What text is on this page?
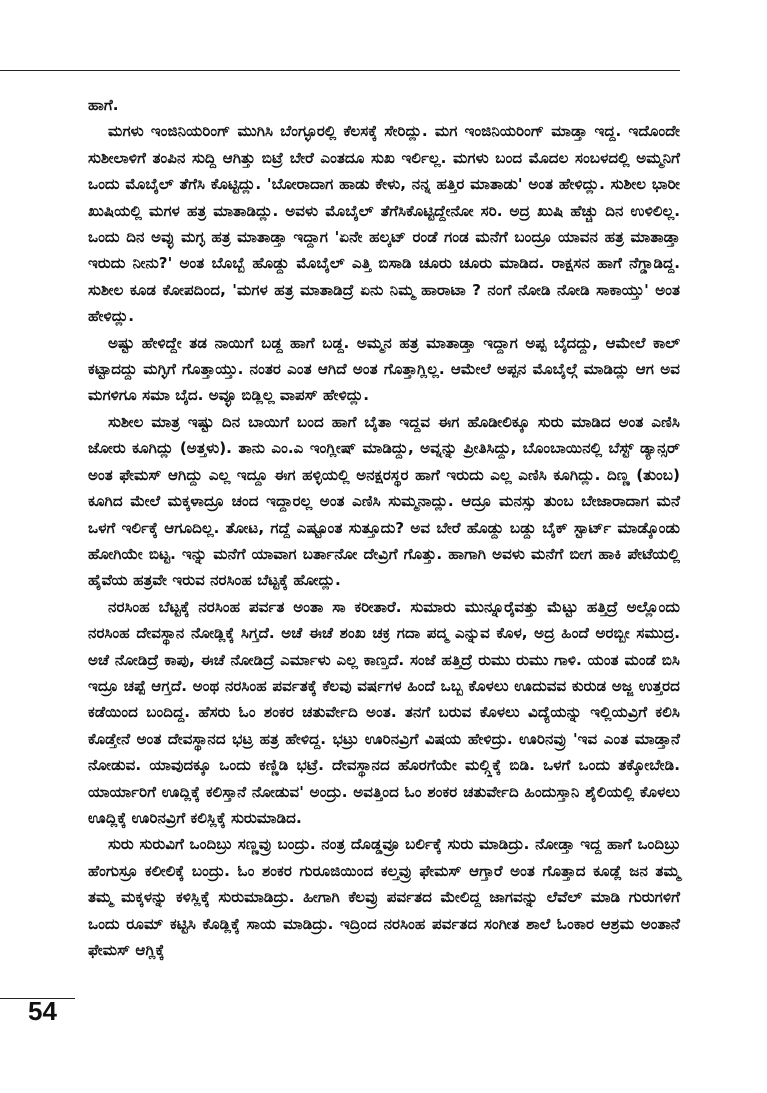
ಹಾಗೆ.

ಮಗಳು ಇಂಜಿನಿಯರಿಂಗ್ ಮುಗಿಸಿ ಬೆಂಗ್ಳೂರಲ್ಲಿ ಕೆಲಸಕ್ಕೆ ಸೇರಿದ್ಲು. ಮಗ ಇಂಜಿನಿಯರಿಂಗ್ ಮಾಡ್ತಾ ಇದ್ದ. ಇದೊಂದೇ ಸುಶೀಲಾಳಿಗೆ ತಂಪಿನ ಸುದ್ದಿ ಆಗಿತ್ತು ಬಿಟ್ರೆ ಬೇರೆ ಎಂತದೂ ಸುಖ ಇರ್ಲಿಲ್ಲ. ಮಗಳು ಬಂದ ಮೊದಲ ಸಂಬಳದಲ್ಲಿ ಅಮ್ಮನಿಗೆ ಒಂದು ಮೊಬೈಲ್ ತೆಗೆಸಿ ಕೊಟ್ಟಿದ್ಲು. 'ಬೋರಾದಾಗ ಹಾಡು ಕೇಳು, ನನ್ನ ಹತ್ತಿರ ಮಾತಾಡು' ಅಂತ ಹೇಳಿದ್ಲು. ಸುಶೀಲ ಭಾರೀ ಖುಷಿಯಲ್ಲಿ ಮಗಳ ಹತ್ರ ಮಾತಾಡಿದ್ಲು. ಅವಳು ಮೊಬೈಲ್ ತೆಗೆಸಿಕೊಟ್ಟಿದ್ದೇನೋ ಸರಿ. ಅದ್ರ ಖುಷಿ ಹೆಚ್ಚು ದಿನ ಉಳಿಲಿಲ್ಲ. ಒಂದು ದಿನ ಅವ್ಳು ಮಗ್ಳ ಹತ್ರ ಮಾತಾಡ್ತಾ ಇದ್ದಾಗ 'ಏನೇ ಹಲ್ಕಟ್ ರಂಡೆ ಗಂಡ ಮನೆಗೆ ಬಂದ್ರೂ ಯಾವನ ಹತ್ರ ಮಾತಾಡ್ತಾ ಇರುದು ನೀನು?' ಅಂತ ಬೊಬ್ಬೆ ಹೊಡ್ದು ಮೊಬೈಲ್ ಎತ್ತಿ ಬಿಸಾಡಿ ಚೂರು ಚೂರು ಮಾಡಿದ. ರಾಕ್ಷಸನ ಹಾಗೆ ನೆಗ್ಡಾಡಿದ್ದ. ಸುಶೀಲ ಕೂಡ ಕೋಪದಿಂದ, 'ಮಗಳ ಹತ್ರ ಮಾತಾಡಿದ್ರೆ ಏನು ನಿಮ್ಮ ಹಾರಾಟಾ ? ನಂಗೆ ನೋಡಿ ನೋಡಿ ಸಾಕಾಯ್ತು' ಅಂತ ಹೇಳಿದ್ಲು.

ಅಷ್ಟು ಹೇಳಿದ್ದೇ ತಡ ನಾಯಿಗೆ ಬಡ್ದ ಹಾಗೆ ಬಡ್ದ. ಅಮ್ಮನ ಹತ್ರ ಮಾತಾಡ್ತಾ ಇದ್ದಾಗ ಅಪ್ಪ ಬೈದದ್ದು, ಆಮೇಲೆ ಕಾಲ್ ಕಟ್ಟಾದದ್ದು ಮಗ್ಳಿಗೆ ಗೊತ್ತಾಯ್ತು. ನಂತರ ಎಂತ ಆಗಿದೆ ಅಂತ ಗೊತ್ತಾಗ್ಲಿಲ್ಲ. ಆಮೇಲೆ ಅಪ್ಪನ ಮೊಬೈಲ್ಗೆ ಮಾಡಿದ್ಲು ಆಗ ಅವ ಮಗಳಿಗೂ ಸಮಾ ಬೈದ. ಅವ್ಳೂ ಬಿಡ್ಲಿಲ್ಲ ವಾಪಸ್ ಹೇಳಿದ್ಲು.

ಸುಶೀಲ ಮಾತ್ರ ಇಷ್ಟು ದಿನ ಬಾಯಿಗೆ ಬಂದ ಹಾಗೆ ಬೈತಾ ಇದ್ದವ ಈಗ ಹೊಡೀಲಿಕ್ಕೂ ಸುರು ಮಾಡಿದ ಅಂತ ಎಣಿಸಿ ಜೋರು ಕೂಗಿದ್ಲು (ಅತ್ತಳು). ತಾನು ಎಂ.ಎ ಇಂಗ್ಲೀಷ್ ಮಾಡಿದ್ದು, ಅವ್ನನ್ನು ಪ್ರೀತಿಸಿದ್ದು, ಬೊಂಬಾಯಿನಲ್ಲಿ ಬೆಸ್ಟ್ ಡ್ಯಾನ್ಸರ್ ಅಂತ ಫೇಮಸ್ ಆಗಿದ್ದು ಎಲ್ಲ ಇದ್ದೂ ಈಗ ಹಳ್ಳಿಯಲ್ಲಿ ಅನಕ್ಷರಸ್ಥರ ಹಾಗೆ ಇರುದು ಎಲ್ಲ ಎಣಿಸಿ ಕೂಗಿದ್ಲು. ದಿಣ್ಣ (ತುಂಬ) ಕೂಗಿದ ಮೇಲೆ ಮಕ್ಕಳಾದ್ರೂ ಚಂದ ಇದ್ದಾರಲ್ಲ ಅಂತ ಎಣಿಸಿ ಸುಮ್ಮನಾದ್ಲು. ಆದ್ರೂ ಮನಸ್ಸು ತುಂಬ ಬೇಜಾರಾದಾಗ ಮನೆ ಒಳಗೆ ಇರ್ಲಿಕ್ಕೆ ಆಗೂದಿಲ್ಲ. ತೋಟ, ಗದ್ದೆ ಎಷ್ಟೂಂತ ಸುತ್ತೂದು? ಅವ ಬೇರೆ ಹೊಡ್ದು ಬಡ್ದು ಬೈಕ್ ಸ್ಟಾರ್ಟ್ ಮಾಡ್ಕೊಂಡು ಹೋಗಿಯೇ ಬಿಟ್ಟ. ಇನ್ನು ಮನೆಗೆ ಯಾವಾಗ ಬರ್ತಾನೋ ದೇವ್ರಿಗೆ ಗೊತ್ತು. ಹಾಗಾಗಿ ಅವಳು ಮನೆಗೆ ಬೀಗ ಹಾಕಿ ಪೇಟೆಯಲ್ಲಿ ಹೈವೆಯ ಹತ್ರವೇ ಇರುವ ನರಸಿಂಹ ಬೆಟ್ಟಕ್ಕೆ ಹೋದ್ಲು.

ನರಸಿಂಹ ಬೆಟ್ಟಕ್ಕೆ ನರಸಿಂಹ ಪರ್ವತ ಅಂತಾ ಸಾ ಕರೀತಾರೆ. ಸುಮಾರು ಮುನ್ನೂರೈವತ್ತು ಮೆಟ್ಟು ಹತ್ತಿದ್ರೆ ಅಲ್ಲೊಂದು ನರಸಿಂಹ ದೇವಸ್ಥಾನ ನೋಡ್ಲಿಕ್ಕೆ ಸಿಗ್ತದೆ. ಅಚೆ ಈಚೆ ಶಂಖ ಚಕ್ರ ಗದಾ ಪದ್ಮ ಎನ್ನುವ ಕೊಳ, ಅದ್ರ ಹಿಂದೆ ಅರಬ್ಬೀ ಸಮುದ್ರ. ಅಚೆ ನೋಡಿದ್ರೆ ಕಾಪು, ಈಚೆ ನೋಡಿದ್ರೆ ಎರ್ಮಾಳು ಎಲ್ಲ ಕಾಣ್ತದೆ. ಸಂಜೆ ಹತ್ತಿದ್ರೆ ರುಮು ರುಮು ಗಾಳಿ. ಯಂತ ಮಂಡೆ ಬಿಸಿ ಇದ್ರೂ ಚಪ್ಪೆ ಆಗ್ತದೆ. ಅಂಥ ನರಸಿಂಹ ಪರ್ವತಕ್ಕೆ ಕೆಲವು ವರ್ಷಗಳ ಹಿಂದೆ ಒಬ್ಬ ಕೊಳಲು ಊದುವವ ಕುರುಡ ಅಜ್ಜ ಉತ್ತರದ ಕಡೆಯಿಂದ ಬಂದಿದ್ದ. ಹೆಸರು ಓಂ ಶಂಕರ ಚತುರ್ವೇದಿ ಅಂತ. ತನಗೆ ಬರುವ ಕೊಳಲು ವಿದ್ಯೆಯನ್ನು ಇಲ್ಲಿಯವ್ರಿಗೆ ಕಲಿಸಿ ಕೊಡ್ತೇನೆ ಅಂತ ದೇವಸ್ಥಾನದ ಭಟ್ರ ಹತ್ರ ಹೇಳಿದ್ದ. ಭಟ್ರು ಊರಿನವ್ರಿಗೆ ವಿಷಯ ಹೇಳಿದ್ರು. ಊರಿನವ್ರು 'ಇವ ಎಂತ ಮಾಡ್ತಾನೆ ನೋಡುವ. ಯಾವುದಕ್ಕೂ ಒಂದು ಕಣ್ಣಿಡಿ ಭಟ್ರೆ. ದೇವಸ್ಥಾನದ ಹೊರಗೆಯೇ ಮಲ್ಗ್ಲಿಕ್ಕೆ ಬಿಡಿ. ಒಳಗೆ ಒಂದು ತಕ್ಕೋಬೇಡಿ. ಯಾರ್ಯಾರಿಗೆ ಊದ್ಲಿಕ್ಕೆ ಕಲಿಸ್ತಾನೆ ನೋಡುವ' ಅಂದ್ರು. ಅವತ್ತಿಂದ ಓಂ ಶಂಕರ ಚತುರ್ವೇದಿ ಹಿಂದುಸ್ತಾನಿ ಶೈಲಿಯಲ್ಲಿ ಕೊಳಲು ಊದ್ಲಿಕ್ಕೆ ಊರಿನವ್ರಿಗೆ ಕಲಿಸ್ಲಿಕ್ಕೆ ಸುರುಮಾಡಿದ.

ಸುರು ಸುರುವಿಗೆ ಒಂದಿಬ್ರು ಸಣ್ಣವ್ರು ಬಂದ್ರು. ನಂತ್ರ ದೊಡ್ಡವ್ರೂ ಬರ್ಲಿಕ್ಕೆ ಸುರು ಮಾಡಿದ್ರು. ನೋಡ್ತಾ ಇದ್ದ ಹಾಗೆ ಒಂದಿಬ್ರು ಹೆಂಗುಸ್ರೂ ಕಲೀಲಿಕ್ಕೆ ಬಂದ್ರು. ಓಂ ಶಂಕರ ಗುರೂಜಿಯಿಂದ ಕಲ್ತವ್ರು ಫೇಮಸ್ ಆಗ್ತಾರೆ ಅಂತ ಗೊತ್ತಾದ ಕೂಡ್ಲೆ ಜನ ತಮ್ಮ ತಮ್ಮ ಮಕ್ಕಳನ್ನು ಕಳಿಸ್ಲಿಕ್ಕೆ ಸುರುಮಾಡಿದ್ರು. ಹೀಗಾಗಿ ಕೆಲವ್ರು ಪರ್ವತದ ಮೇಲಿದ್ದ ಜಾಗವನ್ನು ಲೆವೆಲ್ ಮಾಡಿ ಗುರುಗಳಿಗೆ ಒಂದು ರೂಮ್ ಕಟ್ಟಿಸಿ ಕೊಡ್ಲಿಕ್ಕೆ ಸಾಯ ಮಾಡಿದ್ರು. ಇದ್ರಿಂದ ನರಸಿಂಹ ಪರ್ವತದ ಸಂಗೀತ ಶಾಲೆ ಓಂಕಾರ ಆಶ್ರಮ ಅಂತಾನೆ ಫೇಮಸ್ ಆಗ್ಲಿಕ್ಕೆ

54
